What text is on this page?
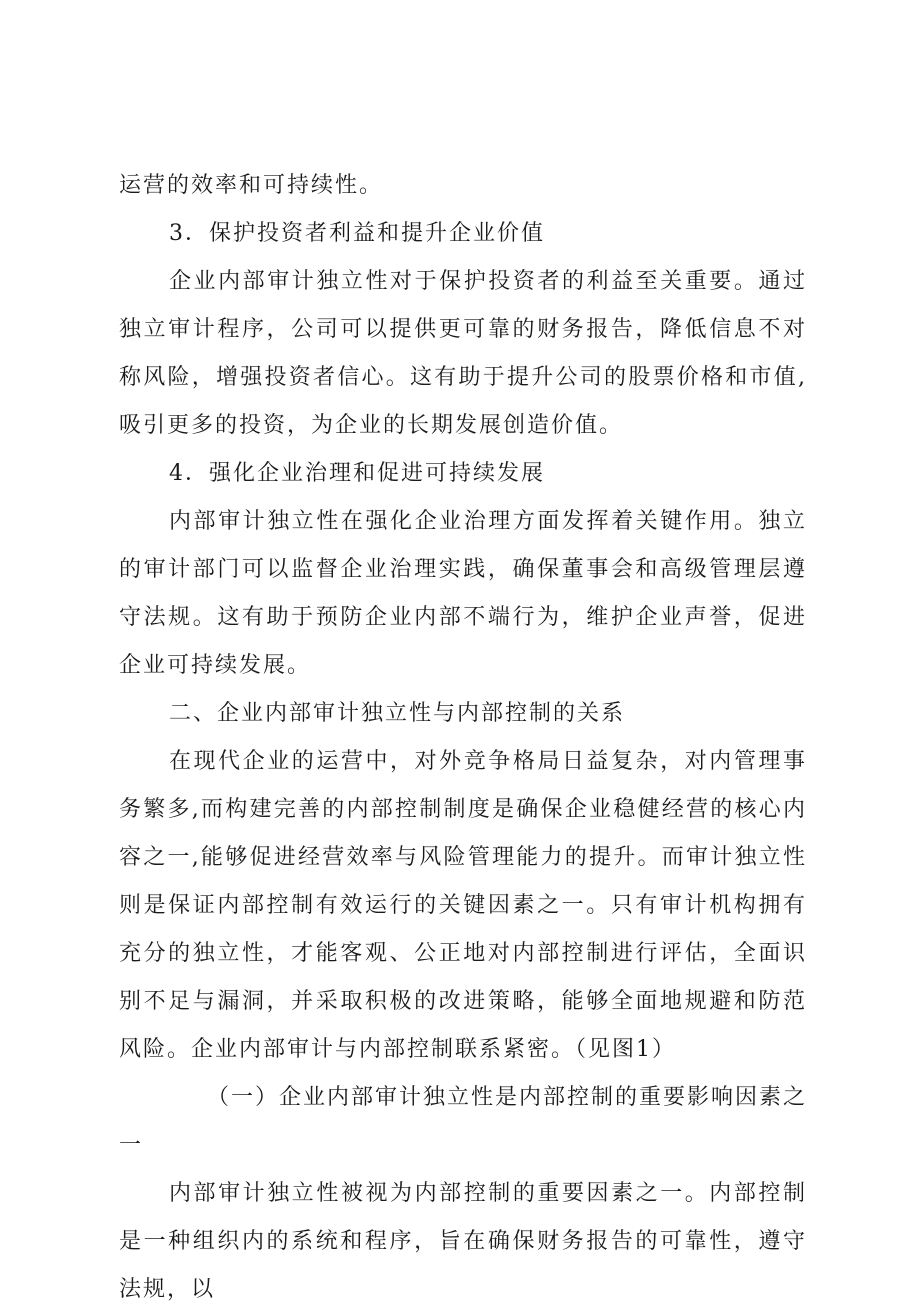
运营的效率和可持续性。

3．保护投资者利益和提升企业价值

企业内部审计独立性对于保护投资者的利益至关重要。通过独立审计程序，公司可以提供更可靠的财务报告，降低信息不对称风险，增强投资者信心。这有助于提升公司的股票价格和市值,吸引更多的投资，为企业的长期发展创造价值。

4．强化企业治理和促进可持续发展

内部审计独立性在强化企业治理方面发挥着关键作用。独立的审计部门可以监督企业治理实践，确保董事会和高级管理层遵守法规。这有助于预防企业内部不端行为，维护企业声誉，促进企业可持续发展。

二、企业内部审计独立性与内部控制的关系

在现代企业的运营中，对外竞争格局日益复杂，对内管理事务繁多,而构建完善的内部控制制度是确保企业稳健经营的核心内容之一,能够促进经营效率与风险管理能力的提升。而审计独立性则是保证内部控制有效运行的关键因素之一。只有审计机构拥有充分的独立性，才能客观、公正地对内部控制进行评估，全面识别不足与漏洞，并采取积极的改进策略，能够全面地规避和防范风险。企业内部审计与内部控制联系紧密。（见图1）

（一）企业内部审计独立性是内部控制的重要影响因素之一

内部审计独立性被视为内部控制的重要因素之一。内部控制是一种组织内的系统和程序，旨在确保财务报告的可靠性，遵守法规，以
